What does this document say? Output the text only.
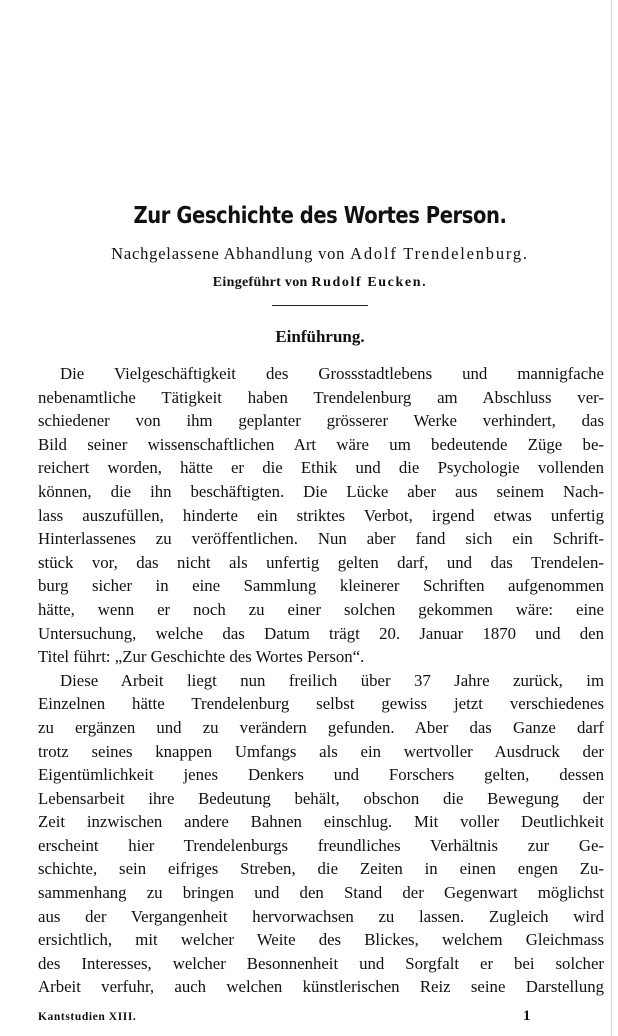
Zur Geschichte des Wortes Person.
Nachgelassene Abhandlung von Adolf Trendelenburg.
Eingeführt von Rudolf Eucken.
Einführung.
Die Vielgeschäftigkeit des Grossstadtlebens und mannigfache
nebenamtliche Tätigkeit haben Trendelenburg am Abschluss ver-
schiedener von ihm geplanter grösserer Werke verhindert, das
Bild seiner wissenschaftlichen Art wäre um bedeutende Züge be-
reichert worden, hätte er die Ethik und die Psychologie vollenden
können, die ihn beschäftigten. Die Lücke aber aus seinem Nach-
lass auszufüllen, hinderte ein striktes Verbot, irgend etwas unfertig
Hinterlassenes zu veröffentlichen. Nun aber fand sich ein Schrift-
stück vor, das nicht als unfertig gelten darf, und das Trendelen-
burg sicher in eine Sammlung kleinerer Schriften aufgenommen
hätte, wenn er noch zu einer solchen gekommen wäre: eine
Untersuchung, welche das Datum trägt 20. Januar 1870 und den
Titel führt: „Zur Geschichte des Wortes Person“.
Diese Arbeit liegt nun freilich über 37 Jahre zurück, im
Einzelnen hätte Trendelenburg selbst gewiss jetzt verschiedenes
zu ergänzen und zu verändern gefunden. Aber das Ganze darf
trotz seines knappen Umfangs als ein wertvoller Ausdruck der
Eigentümlichkeit jenes Denkers und Forschers gelten, dessen
Lebensarbeit ihre Bedeutung behält, obschon die Bewegung der
Zeit inzwischen andere Bahnen einschlug. Mit voller Deutlichkeit
erscheint hier Trendelenburgs freundliches Verhältnis zur Ge-
schichte, sein eifriges Streben, die Zeiten in einen engen Zu-
sammenhang zu bringen und den Stand der Gegenwart möglichst
aus der Vergangenheit hervorwachsen zu lassen. Zugleich wird
ersichtlich, mit welcher Weite des Blickes, welchem Gleichmass
des Interesses, welcher Besonnenheit und Sorgfalt er bei solcher
Arbeit verfuhr, auch welchen künstlerischen Reiz seine Darstellung
Kantstudien XIII.	1
